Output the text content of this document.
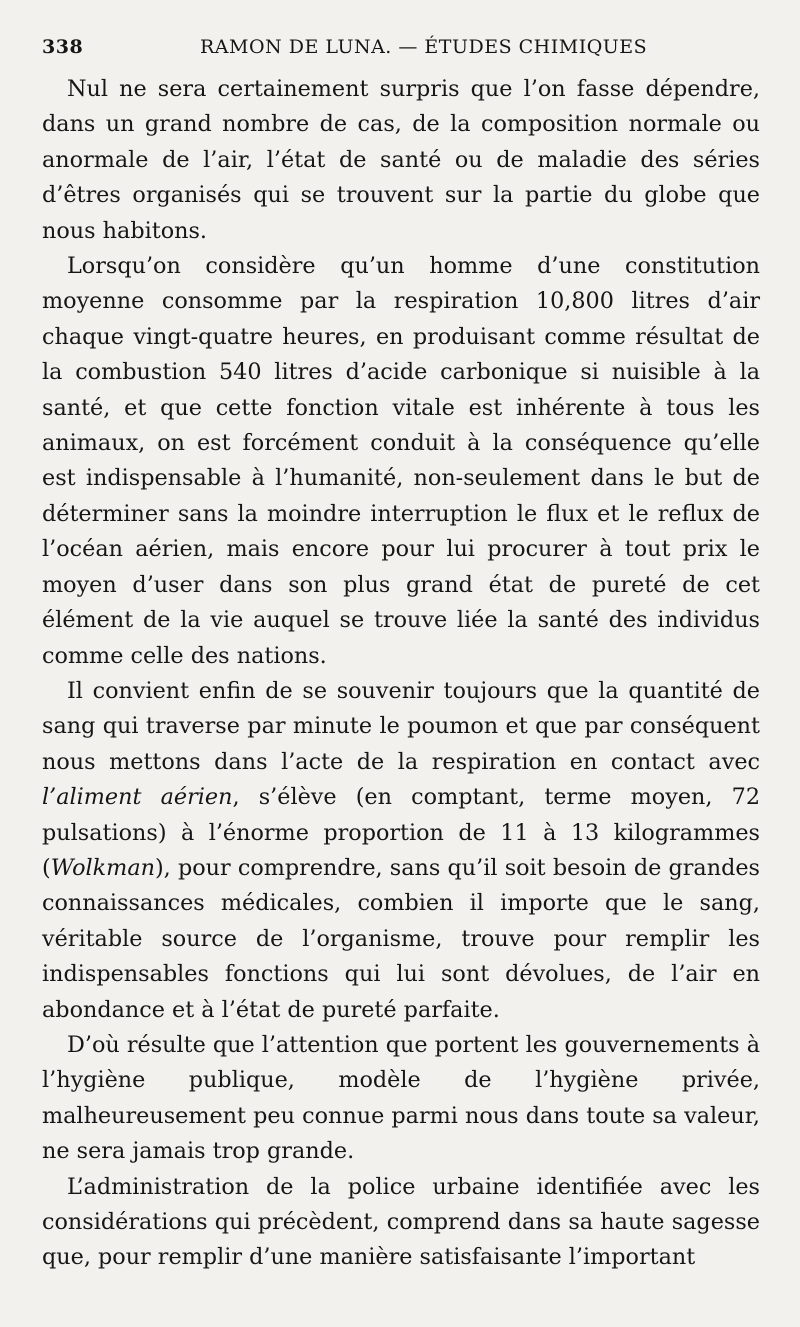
338	RAMON DE LUNA. — ÉTUDES CHIMIQUES

Nul ne sera certainement surpris que l’on fasse dépendre, dans un grand nombre de cas, de la composition normale ou anormale de l’air, l’état de santé ou de maladie des séries d’êtres organisés qui se trouvent sur la partie du globe que nous habitons.

Lorsqu’on considère qu’un homme d’une constitution moyenne consomme par la respiration 10,800 litres d’air chaque vingt-quatre heures, en produisant comme résultat de la combustion 540 litres d’acide carbonique si nuisible à la santé, et que cette fonction vitale est inhérente à tous les animaux, on est forcément conduit à la conséquence qu’elle est indispensable à l’humanité, non-seulement dans le but de déterminer sans la moindre interruption le flux et le reflux de l’océan aérien, mais encore pour lui procurer à tout prix le moyen d’user dans son plus grand état de pureté de cet élément de la vie auquel se trouve liée la santé des individus comme celle des nations.

Il convient enfin de se souvenir toujours que la quantité de sang qui traverse par minute le poumon et que par conséquent nous mettons dans l’acte de la respiration en contact avec l’aliment aérien, s’élève (en comptant, terme moyen, 72 pulsations) à l’énorme proportion de 11 à 13 kilogrammes (Wolkman), pour comprendre, sans qu’il soit besoin de grandes connaissances médicales, combien il importe que le sang, véritable source de l’organisme, trouve pour remplir les indispensables fonctions qui lui sont dévolues, de l’air en abondance et à l’état de pureté parfaite.

D’où résulte que l’attention que portent les gouvernements à l’hygiène publique, modèle de l’hygiène privée, malheureusement peu connue parmi nous dans toute sa valeur, ne sera jamais trop grande.

L’administration de la police urbaine identifiée avec les considérations qui précèdent, comprend dans sa haute sagesse que, pour remplir d’une manière satisfaisante l’important
